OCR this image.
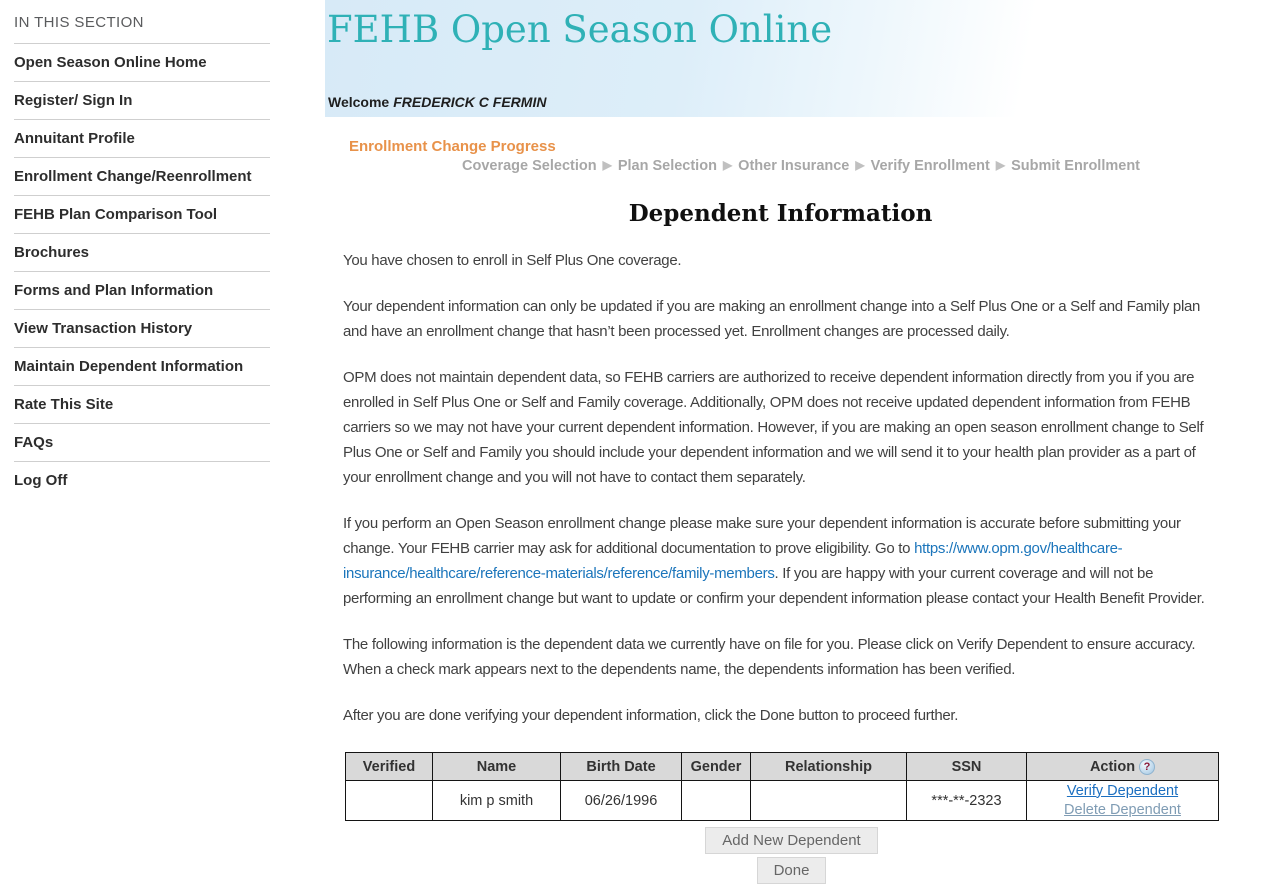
IN THIS SECTION
Open Season Online Home
Register/ Sign In
Annuitant Profile
Enrollment Change/Reenrollment
FEHB Plan Comparison Tool
Brochures
Forms and Plan Information
View Transaction History
Maintain Dependent Information
Rate This Site
FAQs
Log Off
FEHB Open Season Online
Welcome FREDERICK C FERMIN
Enrollment Change Progress
Coverage Selection ▶ Plan Selection ▶ Other Insurance ▶ Verify Enrollment ▶ Submit Enrollment
Dependent Information

You have chosen to enroll in Self Plus One coverage.

Your dependent information can only be updated if you are making an enrollment change into a Self Plus One or a Self and Family plan and have an enrollment change that hasn’t been processed yet. Enrollment changes are processed daily.

OPM does not maintain dependent data, so FEHB carriers are authorized to receive dependent information directly from you if you are enrolled in Self Plus One or Self and Family coverage. Additionally, OPM does not receive updated dependent information from FEHB carriers so we may not have your current dependent information. However, if you are making an open season enrollment change to Self Plus One or Self and Family you should include your dependent information and we will send it to your health plan provider as a part of your enrollment change and you will not have to contact them separately.

If you perform an Open Season enrollment change please make sure your dependent information is accurate before submitting your change. Your FEHB carrier may ask for additional documentation to prove eligibility. Go to https://www.opm.gov/healthcare-insurance/healthcare/reference-materials/reference/family-members. If you are happy with your current coverage and will not be performing an enrollment change but want to update or confirm your dependent information please contact your Health Benefit Provider.

The following information is the dependent data we currently have on file for you. Please click on Verify Dependent to ensure accuracy. When a check mark appears next to the dependents name, the dependents information has been verified.

After you are done verifying your dependent information, click the Done button to proceed further.

Verified	Name	Birth Date	Gender	Relationship	SSN	Action ?
	kim p smith	06/26/1996			***-**-2323	Verify Dependent
Delete Dependent
Add New Dependent
Done
